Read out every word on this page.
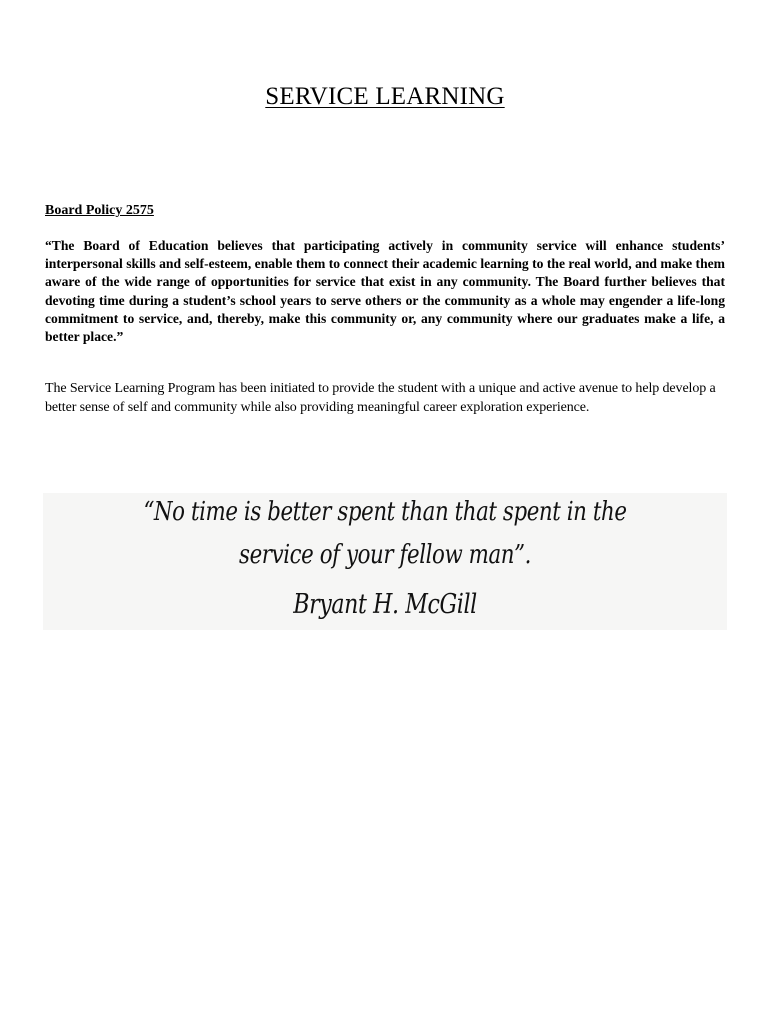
SERVICE LEARNING
Board Policy 2575

“The Board of Education believes that participating actively in community service will enhance students’ interpersonal skills and self-esteem, enable them to connect their academic learning to the real world, and make them aware of the wide range of opportunities for service that exist in any community. The Board further believes that devoting time during a student’s school years to serve others or the community as a whole may engender a life-long commitment to service, and, thereby, make this community or, any community where our graduates make a life, a better place.”

The Service Learning Program has been initiated to provide the student with a unique and active avenue to help develop a better sense of self and community while also providing meaningful career exploration experience.

“No time is better spent than that spent in the
service of your fellow man”.
Bryant H. McGill
